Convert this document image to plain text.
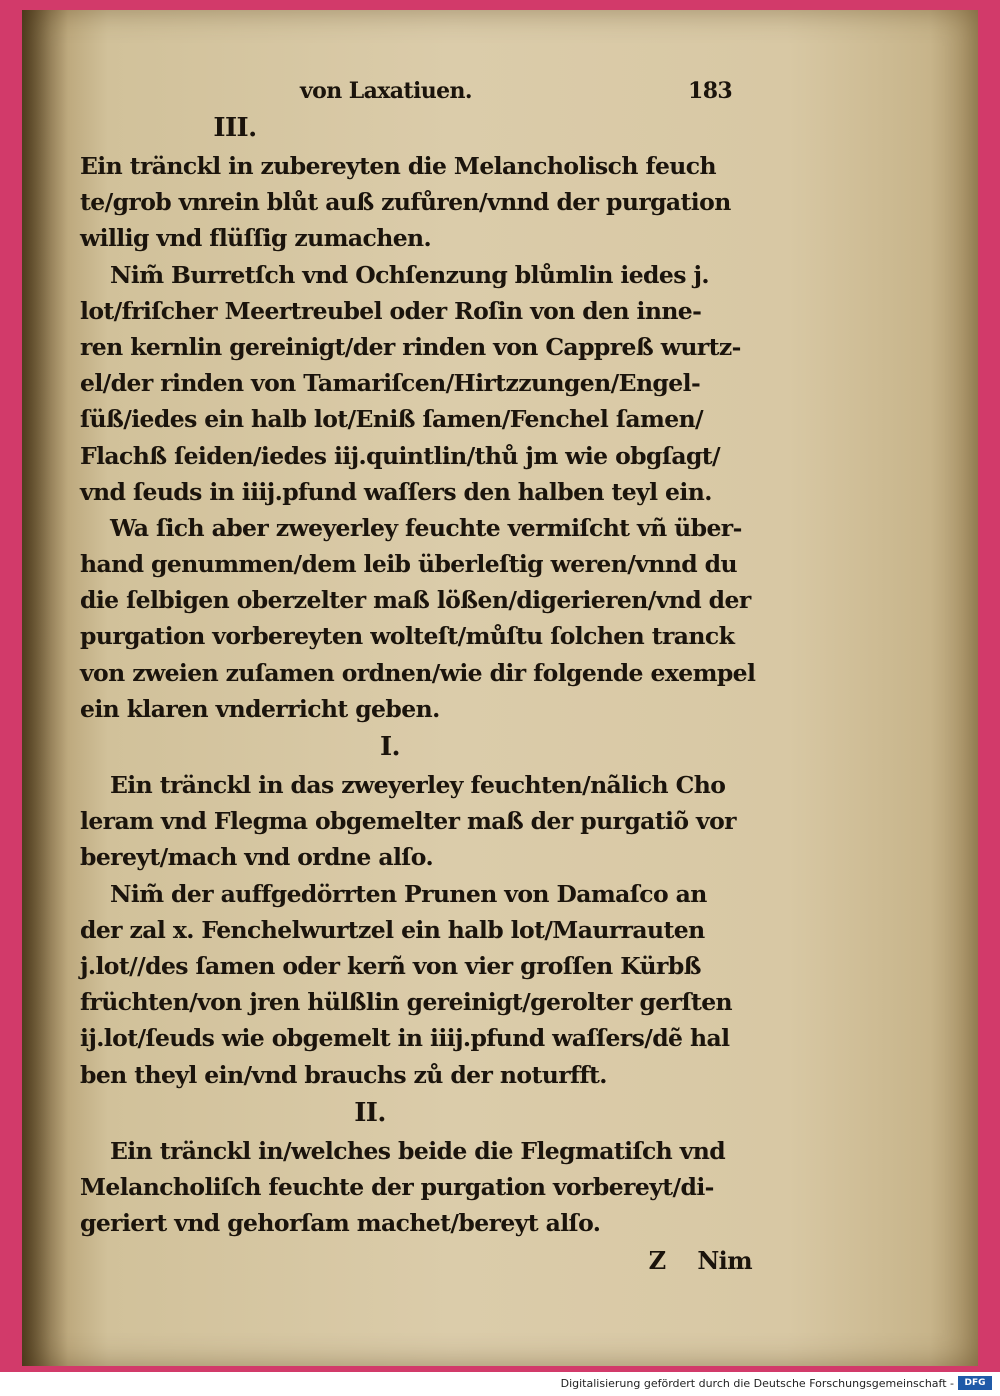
von Laxatiuen.	183
III.
Ein tränckl in zubereyten die Melancholisch feuch
te/grob vnrein blůt auß zufůren/vnnd der purgation
willig vnd flüſſig zumachen.
Nim̃ Burretſch vnd Ochſenzung blůmlin iedes j.
lot/friſcher Meertreubel oder Roſin von den inne-
ren kernlin gereinigt/der rinden von Cappreß wurtz-
el/der rinden von Tamariſcen/Hirtzzungen/Engel-
ſüß/iedes ein halb lot/Eniß ſamen/Fenchel ſamen/
Flachß ſeiden/iedes iij.quintlin/thů jm wie obgſagt/
vnd ſeuds in iiij.pfund waſſers den halben teyl ein.
Wa ſich aber zweyerley feuchte vermiſcht vñ über-
hand genummen/dem leib überleſtig weren/vnnd du
die ſelbigen oberzelter maß lößen/digerieren/vnd der
purgation vorbereyten wolteſt/můſtu ſolchen tranck
von zweien zuſamen ordnen/wie dir folgende exempel
ein klaren vnderricht geben.
I.
Ein tränckl in das zweyerley feuchten/nãlich Cho
leram vnd Flegma obgemelter maß der purgatiõ vor
bereyt/mach vnd ordne alſo.
Nim̃ der auffgedörrten Prunen von Damaſco an
der zal x. Fenchelwurtzel ein halb lot/Maurrauten
j.lot//des ſamen oder kerñ von vier groſſen Kürbß
früchten/von jren hülßlin gereinigt/gerolter gerſten
ij.lot/ſeuds wie obgemelt in iiij.pfund waſſers/dẽ hal
ben theyl ein/vnd brauchs zů der noturfft.
II.
Ein tränckl in/welches beide die Flegmatiſch vnd
Melancholiſch feuchte der purgation vorbereyt/di-
geriert vnd gehorſam machet/bereyt alſo.
Z Nim
Digitalisierung gefördert durch die Deutsche Forschungsgemeinschaft -	DFG
